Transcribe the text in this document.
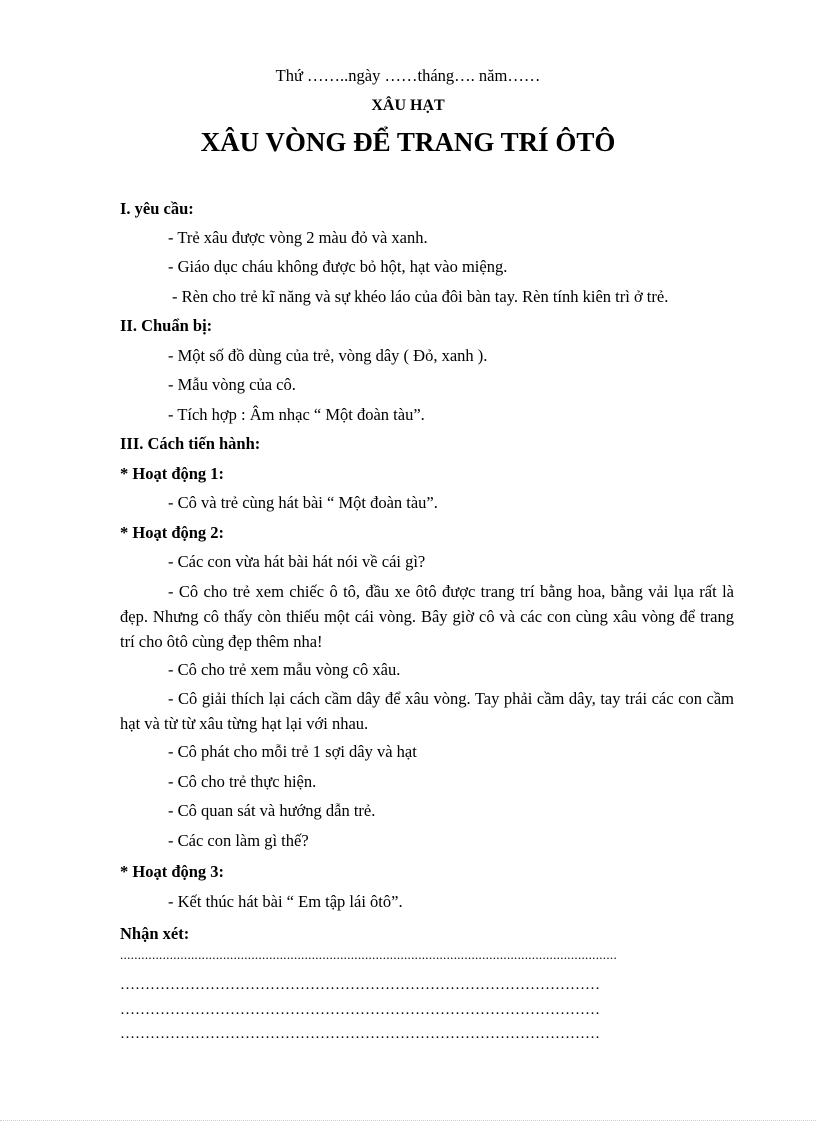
Thứ ……..ngày ……tháng…. năm……
XÂU HẠT
XÂU VÒNG ĐỂ TRANG TRÍ ÔTÔ
I. yêu cầu:
- Trẻ xâu được vòng 2 màu đỏ và xanh.
- Giáo dục cháu không được bỏ hột, hạt vào miệng.
- Rèn cho trẻ kĩ năng và sự khéo láo của đôi bàn tay. Rèn tính kiên trì ở trẻ.
II. Chuẩn bị:
- Một số đồ dùng của trẻ, vòng dây ( Đỏ, xanh ).
- Mẫu vòng của cô.
- Tích hợp : Âm nhạc “ Một đoàn tàu”.
III. Cách tiến hành:
* Hoạt động 1:
- Cô và trẻ cùng hát bài “ Một đoàn tàu”.
* Hoạt động 2:
- Các con vừa hát bài hát nói về cái gì?
- Cô cho trẻ xem chiếc ô tô, đầu xe ôtô được trang trí bằng hoa, bằng vải lụa rất là đẹp. Nhưng cô thấy còn thiếu một cái vòng. Bây giờ cô và các con cùng xâu vòng để trang trí cho ôtô cùng đẹp thêm nha!
- Cô cho trẻ xem mẫu vòng cô xâu.
- Cô giải thích lại cách cầm dây để xâu vòng. Tay phải cầm dây, tay trái các con cầm hạt và từ từ xâu từng hạt lại với nhau.
- Cô phát cho mỗi trẻ 1 sợi dây và hạt
- Cô cho trẻ thực hiện.
- Cô quan sát và hướng dẫn trẻ.
- Các con làm gì thế?
* Hoạt động 3:
- Kết thúc hát bài “ Em tập lái ôtô”.
Nhận xét:
............................................................................................................................................
……………………………………………………………………………………
……………………………………………………………………………………
……………………………………………………………………………………
